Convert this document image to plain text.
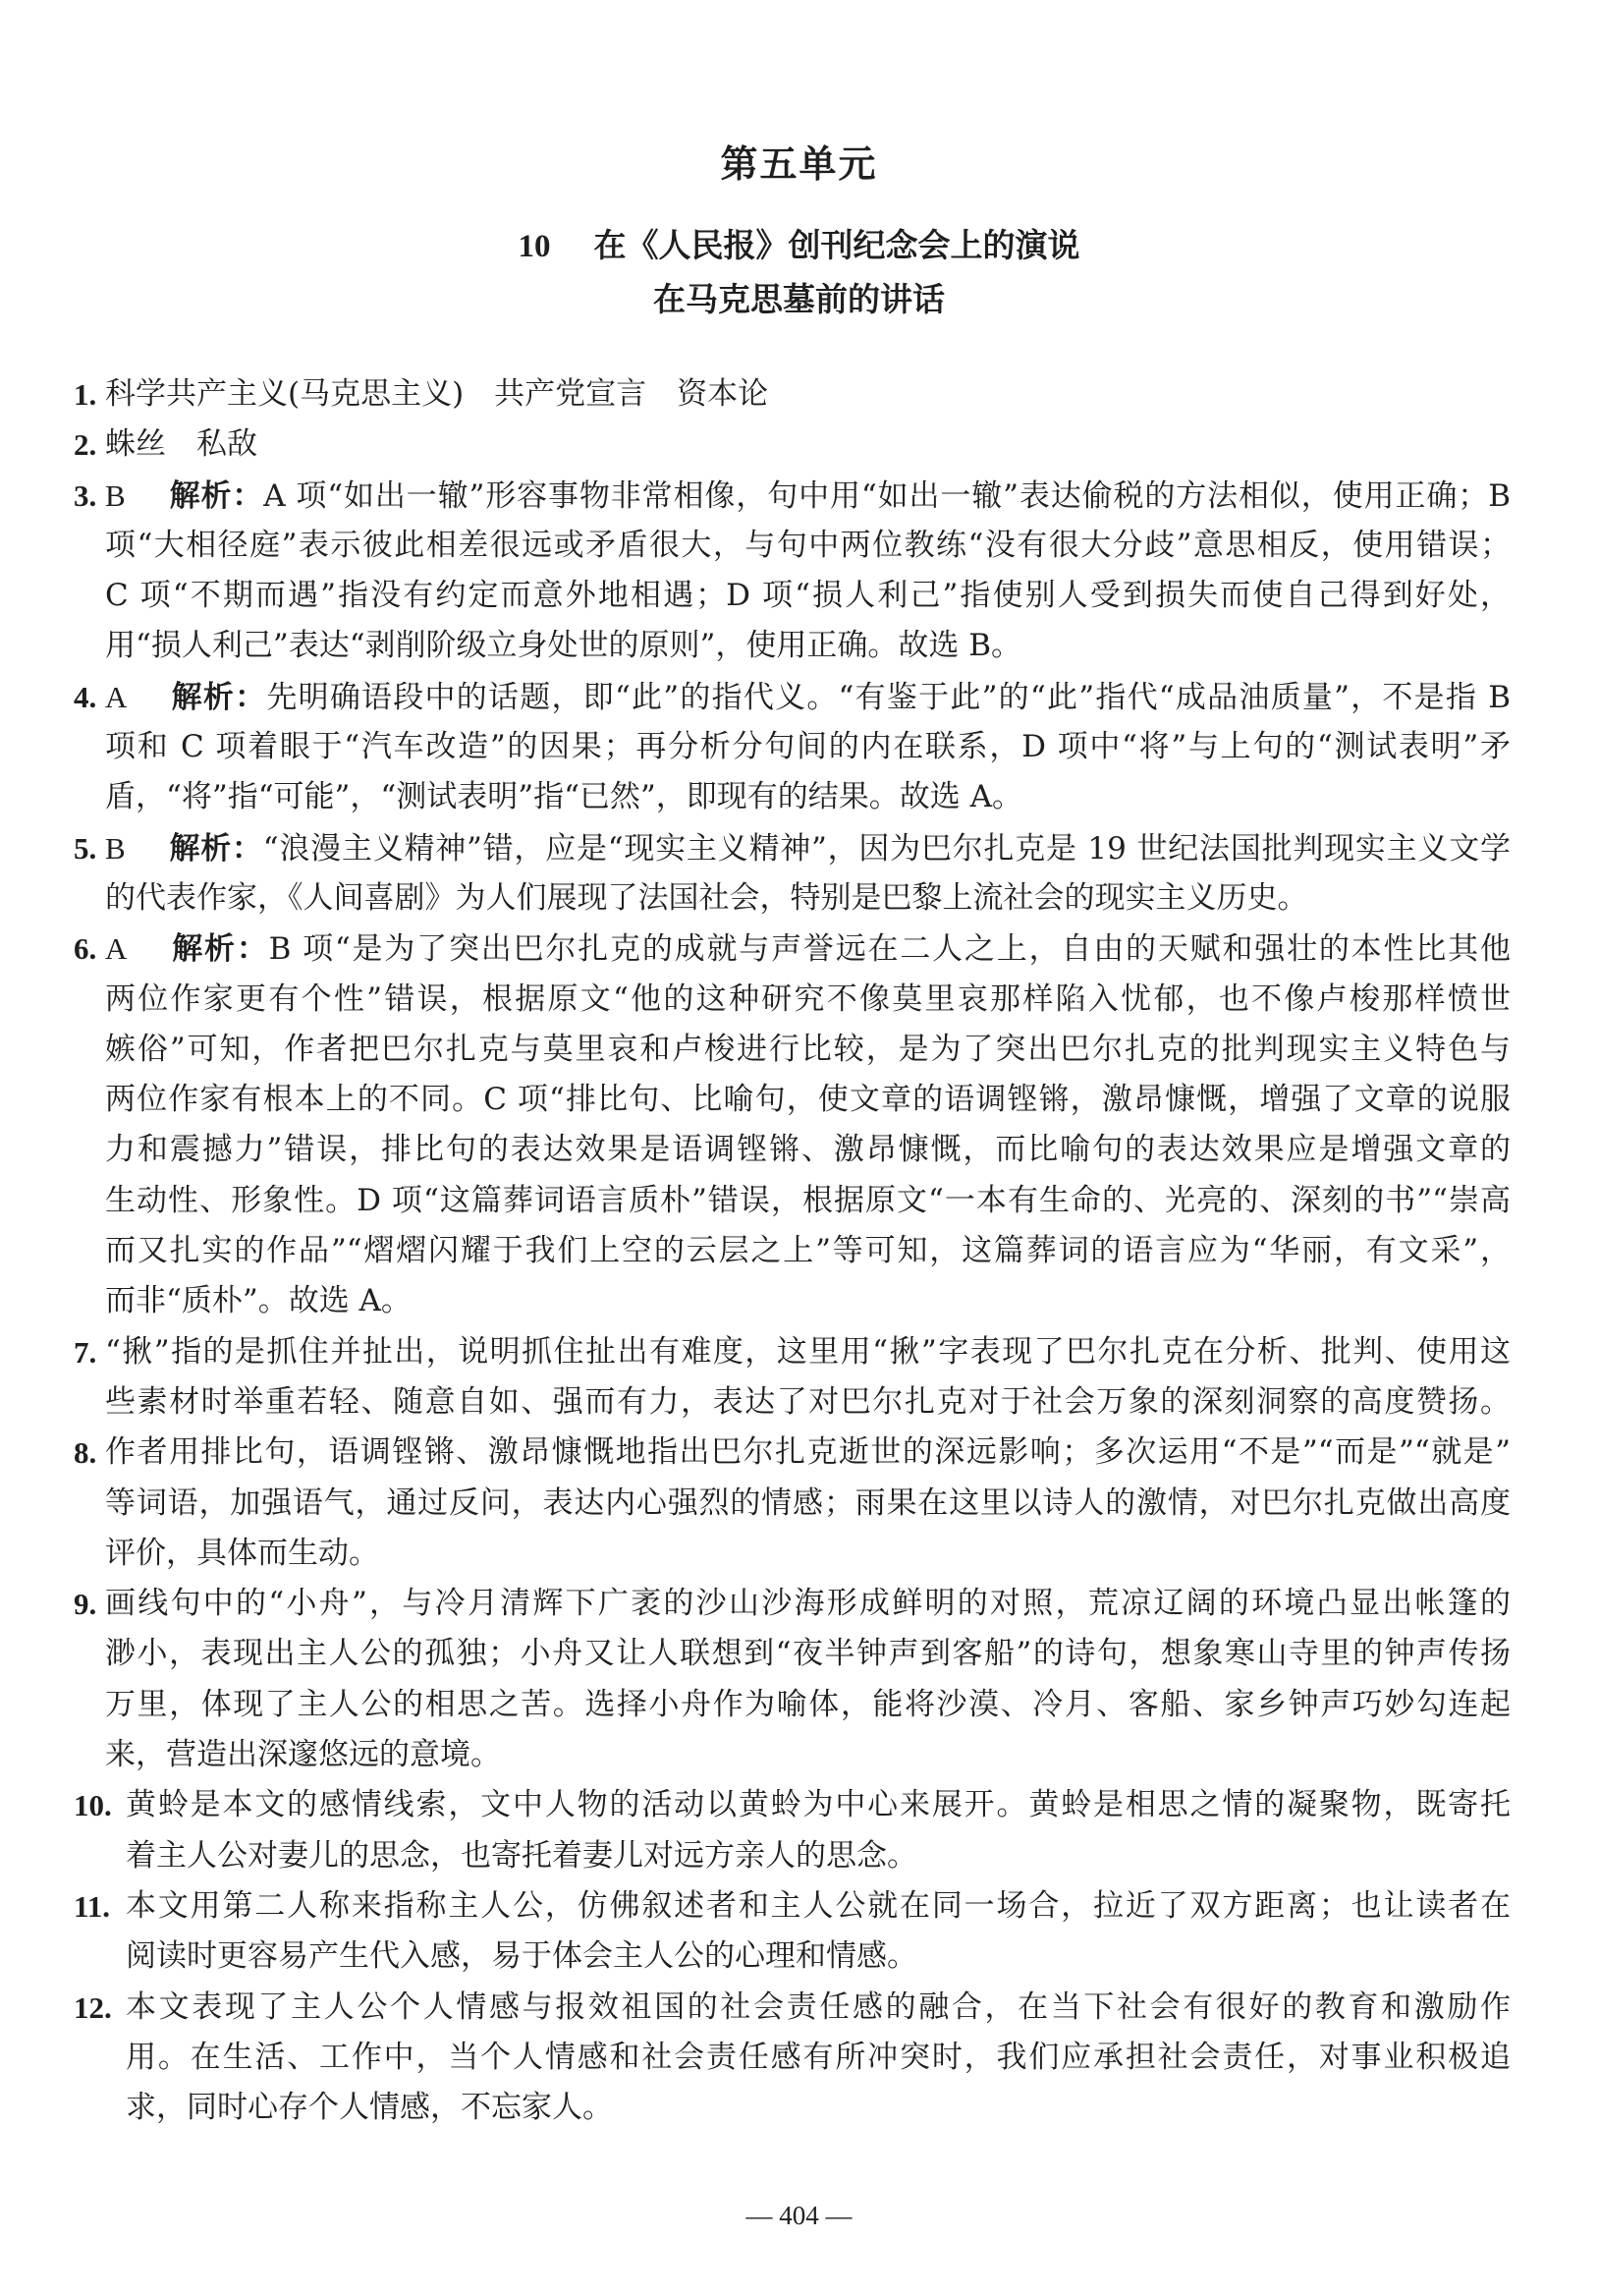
第五单元
10 在《人民报》创刊纪念会上的演说
在马克思墓前的讲话
1. 科学共产主义(马克思主义)　共产党宣言　资本论
2. 蛛丝　私敌
3. B 解析：A 项“如出一辙”形容事物非常相像，句中用“如出一辙”表达偷税的方法相似，使用正确；B
项“大相径庭”表示彼此相差很远或矛盾很大，与句中两位教练“没有很大分歧”意思相反，使用错误；
C 项“不期而遇”指没有约定而意外地相遇；D 项“损人利己”指使别人受到损失而使自己得到好处，
用“损人利己”表达“剥削阶级立身处世的原则”，使用正确。故选 B。
4. A 解析：先明确语段中的话题，即“此”的指代义。“有鉴于此”的“此”指代“成品油质量”，不是指 B
项和 C 项着眼于“汽车改造”的因果；再分析分句间的内在联系，D 项中“将”与上句的“测试表明”矛
盾，“将”指“可能”，“测试表明”指“已然”，即现有的结果。故选 A。
5. B 解析：“浪漫主义精神”错，应是“现实主义精神”，因为巴尔扎克是 19 世纪法国批判现实主义文学
的代表作家，《人间喜剧》为人们展现了法国社会，特别是巴黎上流社会的现实主义历史。
6. A 解析：B 项“是为了突出巴尔扎克的成就与声誉远在二人之上，自由的天赋和强壮的本性比其他
两位作家更有个性”错误，根据原文“他的这种研究不像莫里哀那样陷入忧郁，也不像卢梭那样愤世
嫉俗”可知，作者把巴尔扎克与莫里哀和卢梭进行比较，是为了突出巴尔扎克的批判现实主义特色与
两位作家有根本上的不同。C 项“排比句、比喻句，使文章的语调铿锵，激昂慷慨，增强了文章的说服
力和震撼力”错误，排比句的表达效果是语调铿锵、激昂慷慨，而比喻句的表达效果应是增强文章的
生动性、形象性。D 项“这篇葬词语言质朴”错误，根据原文“一本有生命的、光亮的、深刻的书”“崇高
而又扎实的作品”“熠熠闪耀于我们上空的云层之上”等可知，这篇葬词的语言应为“华丽，有文采”，
而非“质朴”。故选 A。
7. “揪”指的是抓住并扯出，说明抓住扯出有难度，这里用“揪”字表现了巴尔扎克在分析、批判、使用这
些素材时举重若轻、随意自如、强而有力，表达了对巴尔扎克对于社会万象的深刻洞察的高度赞扬。
8. 作者用排比句，语调铿锵、激昂慷慨地指出巴尔扎克逝世的深远影响；多次运用“不是”“而是”“就是”
等词语，加强语气，通过反问，表达内心强烈的情感；雨果在这里以诗人的激情，对巴尔扎克做出高度
评价，具体而生动。
9. 画线句中的“小舟”，与冷月清辉下广袤的沙山沙海形成鲜明的对照，荒凉辽阔的环境凸显出帐篷的
渺小，表现出主人公的孤独；小舟又让人联想到“夜半钟声到客船”的诗句，想象寒山寺里的钟声传扬
万里，体现了主人公的相思之苦。选择小舟作为喻体，能将沙漠、冷月、客船、家乡钟声巧妙勾连起
来，营造出深邃悠远的意境。
10. 黄蛉是本文的感情线索，文中人物的活动以黄蛉为中心来展开。黄蛉是相思之情的凝聚物，既寄托
着主人公对妻儿的思念，也寄托着妻儿对远方亲人的思念。
11. 本文用第二人称来指称主人公，仿佛叙述者和主人公就在同一场合，拉近了双方距离；也让读者在
阅读时更容易产生代入感，易于体会主人公的心理和情感。
12. 本文表现了主人公个人情感与报效祖国的社会责任感的融合，在当下社会有很好的教育和激励作
用。在生活、工作中，当个人情感和社会责任感有所冲突时，我们应承担社会责任，对事业积极追
求，同时心存个人情感，不忘家人。
— 404 —
